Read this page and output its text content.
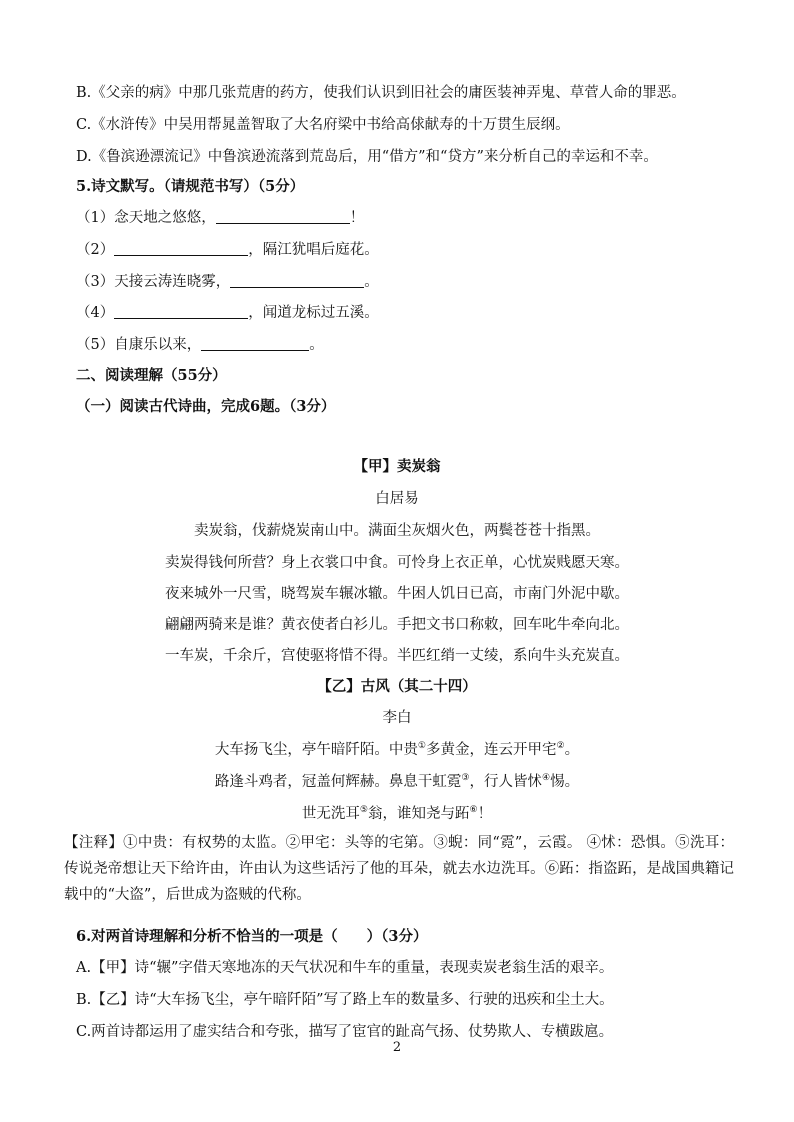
B.《父亲的病》中那几张荒唐的药方，使我们认识到旧社会的庸医装神弄鬼、草菅人命的罪恶。
C.《水浒传》中吴用帮晁盖智取了大名府梁中书给高俅献寿的十万贯生辰纲。
D.《鲁滨逊漂流记》中鲁滨逊流落到荒岛后，用“借方”和“贷方”来分析自己的幸运和不幸。
5.诗文默写。（请规范书写）（5分）
（1）念天地之悠悠，	！
（2）	，隔江犹唱后庭花。
（3）天接云涛连晓雾，	。
（4）	，闻道龙标过五溪。
（5）自康乐以来，	。
二、阅读理解（55分）
（一）阅读古代诗曲，完成6题。（3分）
【甲】卖炭翁
白居易
卖炭翁，伐薪烧炭南山中。满面尘灰烟火色，两鬓苍苍十指黑。
卖炭得钱何所营？身上衣裳口中食。可怜身上衣正单，心忧炭贱愿天寒。
夜来城外一尺雪，晓驾炭车辗冰辙。牛困人饥日已高，市南门外泥中歇。
翩翩两骑来是谁？黄衣使者白衫儿。手把文书口称敕，回车叱牛牵向北。
一车炭，千余斤，宫使驱将惜不得。半匹红绡一丈绫，系向牛头充炭直。
【乙】古风（其二十四）
李白
大车扬飞尘，亭午暗阡陌。中贵①多黄金，连云开甲宅②。
路逢斗鸡者，冠盖何辉赫。鼻息干虹霓③，行人皆怵④惕。
世无洗耳⑤翁，谁知尧与跖⑥！
【注释】①中贵：有权势的太监。②甲宅：头等的宅第。③蜺：同“霓”，云霞。 ④怵：恐惧。⑤洗耳：传说尧帝想让天下给许由，许由认为这些话污了他的耳朵，就去水边洗耳。⑥跖：指盗跖，是战国典籍记载中的“大盗”，后世成为盗贼的代称。
6.对两首诗理解和分析不恰当的一项是（　　）（3分）
A.【甲】诗“辗”字借天寒地冻的天气状况和牛车的重量，表现卖炭老翁生活的艰辛。
B.【乙】诗“大车扬飞尘，亭午暗阡陌”写了路上车的数量多、行驶的迅疾和尘土大。
C.两首诗都运用了虚实结合和夸张，描写了宦官的趾高气扬、仗势欺人、专横跋扈。
2
